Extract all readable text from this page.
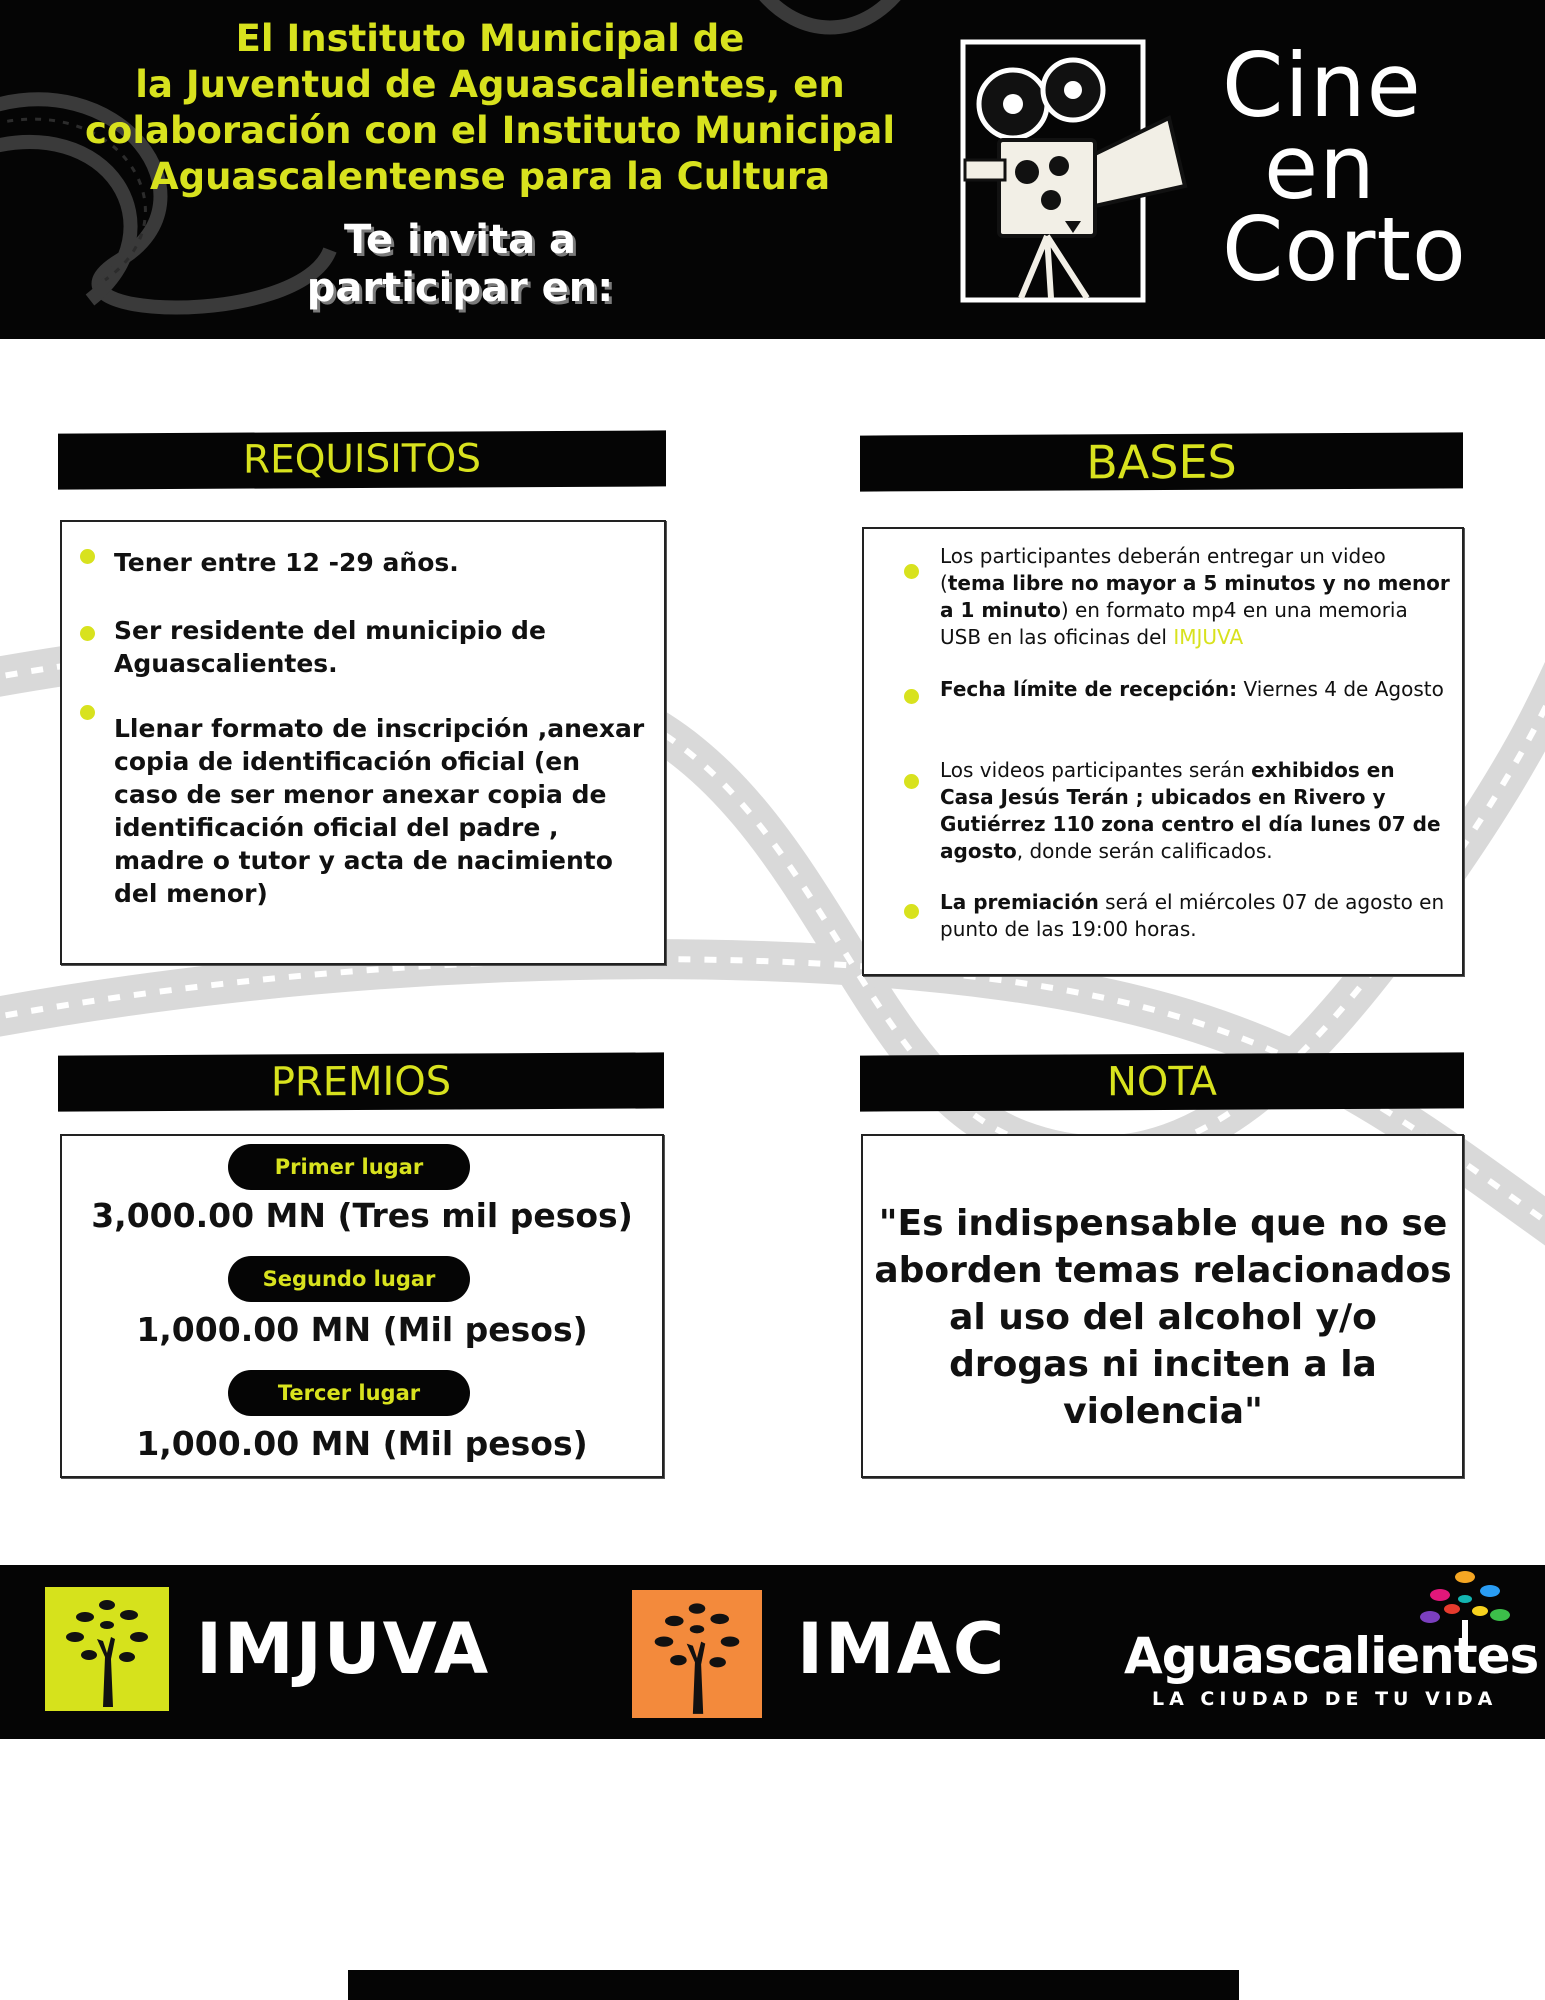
El Instituto Municipal de
la Juventud de Aguascalientes, en
colaboración con el Instituto Municipal
Aguascalentense para la Cultura
Te invita a
participar en:
Cine
en
Corto
REQUISITOS
Tener entre 12 -29 años.
Ser residente del municipio de Aguascalientes.
Llenar formato de inscripción ,anexar copia de identificación oficial (en caso de ser menor anexar copia de identificación oficial del padre , madre o tutor y acta de nacimiento del menor)
BASES
Los participantes deberán entregar un video (tema libre no mayor a 5 minutos y no menor a 1 minuto) en formato mp4 en una memoria USB en las oficinas del IMJUVA
Fecha límite de recepción: Viernes 4 de Agosto
Los videos participantes serán exhibidos en Casa Jesús Terán ; ubicados en Rivero y Gutiérrez 110 zona centro el día lunes 07 de agosto, donde serán calificados.
La premiación será el miércoles 07 de agosto en punto de las 19:00 horas.
PREMIOS
Primer lugar
3,000.00 MN (Tres mil pesos)
Segundo lugar
1,000.00 MN (Mil pesos)
Tercer lugar
1,000.00 MN (Mil pesos)
NOTA
"Es indispensable que no se aborden temas relacionados al uso del alcohol y/o drogas ni inciten a la violencia"
IMJUVA	IMAC Aguascalientes
LA CIUDAD DE TU VIDA
